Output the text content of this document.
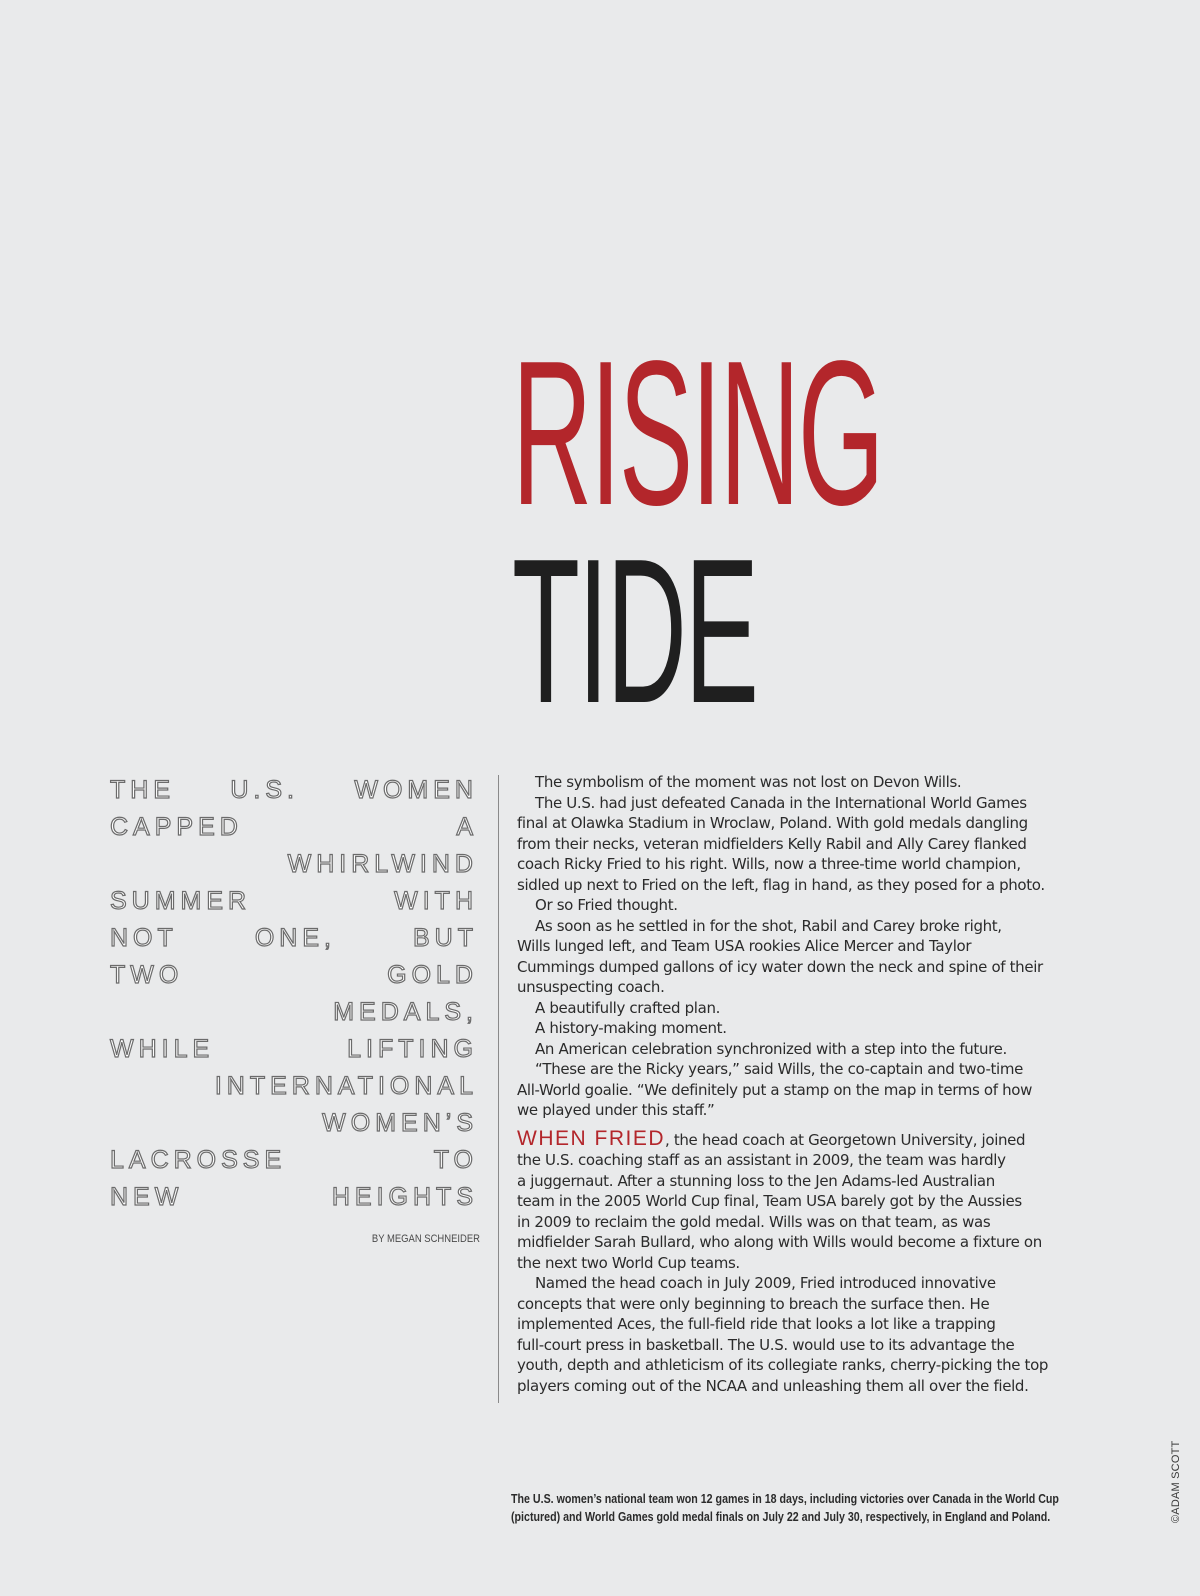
RISING
TIDE
THE U.S. WOMEN
CAPPED	A
WHIRLWIND
SUMMER	WITH
NOT	ONE,	BUT
TWO	GOLD
MEDALS,
WHILE	LIFTING
INTERNATIONAL
WOMEN’S
LACROSSE	TO
NEW	HEIGHTS

BY MEGAN SCHNEIDER

The symbolism of the moment was not lost on Devon Wills.
The U.S. had just defeated Canada in the International World Games
final at Olawka Stadium in Wroclaw, Poland. With gold medals dangling
from their necks, veteran midfielders Kelly Rabil and Ally Carey flanked
coach Ricky Fried to his right. Wills, now a three-time world champion,
sidled up next to Fried on the left, flag in hand, as they posed for a photo.
Or so Fried thought.
As soon as he settled in for the shot, Rabil and Carey broke right,
Wills lunged left, and Team USA rookies Alice Mercer and Taylor
Cummings dumped gallons of icy water down the neck and spine of their
unsuspecting coach.
A beautifully crafted plan.
A history-making moment.
An American celebration synchronized with a step into the future.
“These are the Ricky years,” said Wills, the co-captain and two-time
All-World goalie. “We definitely put a stamp on the map in terms of how
we played under this staff.”
WHEN FRIED, the head coach at Georgetown University, joined
the U.S. coaching staff as an assistant in 2009, the team was hardly
a juggernaut. After a stunning loss to the Jen Adams-led Australian
team in the 2005 World Cup final, Team USA barely got by the Aussies
in 2009 to reclaim the gold medal. Wills was on that team, as was
midfielder Sarah Bullard, who along with Wills would become a fixture on
the next two World Cup teams.
Named the head coach in July 2009, Fried introduced innovative
concepts that were only beginning to breach the surface then. He
implemented Aces, the full-field ride that looks a lot like a trapping
full-court press in basketball. The U.S. would use to its advantage the
youth, depth and athleticism of its collegiate ranks, cherry-picking the top
players coming out of the NCAA and unleashing them all over the field.
The U.S. women’s national team won 12 games in 18 days, including victories over Canada in the World Cup
(pictured) and World Games gold medal finals on July 22 and July 30, respectively, in England and Poland.	©ADAM SCOTT
